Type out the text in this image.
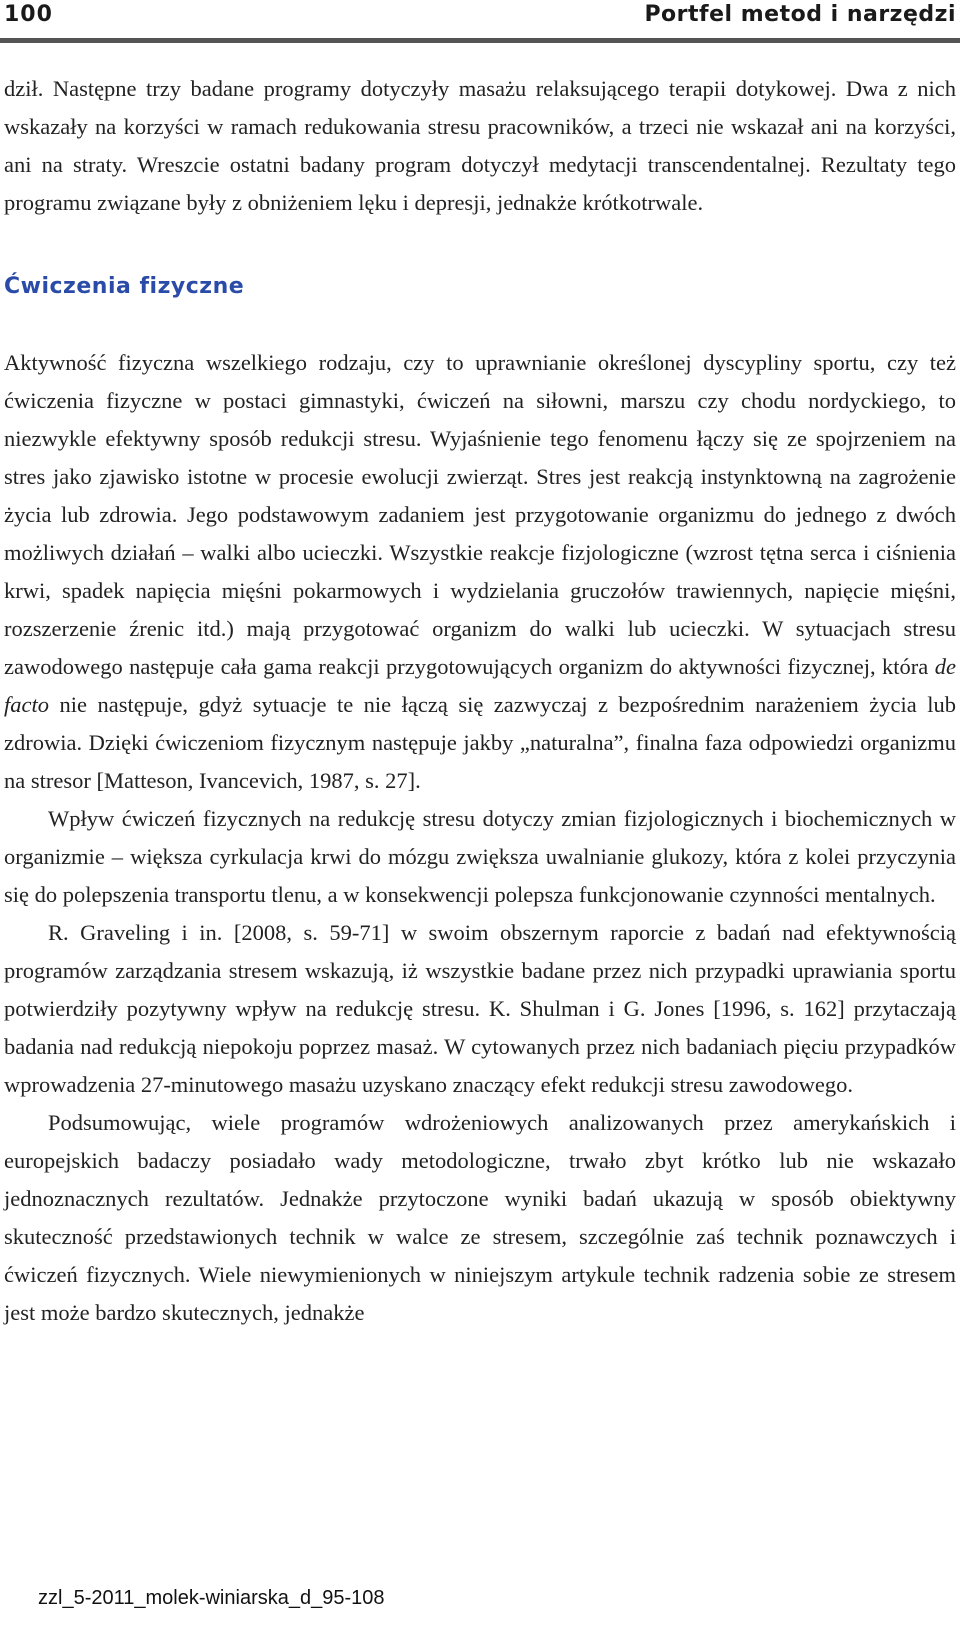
100	Portfel metod i narzędzi

dził. Następne trzy badane programy dotyczyły masażu relaksującego terapii dotykowej. Dwa z nich wskazały na korzyści w ramach redukowania stresu pracowników, a trzeci nie wskazał ani na korzyści, ani na straty. Wreszcie ostatni badany program dotyczył medytacji transcendentalnej. Rezultaty tego programu związane były z obniżeniem lęku i depresji, jednakże krótkotrwale.

Ćwiczenia fizyczne

Aktywność fizyczna wszelkiego rodzaju, czy to uprawnianie określonej dyscypliny sportu, czy też ćwiczenia fizyczne w postaci gimnastyki, ćwiczeń na siłowni, marszu czy chodu nordyckiego, to niezwykle efektywny sposób redukcji stresu. Wyjaśnienie tego fenomenu łączy się ze spojrzeniem na stres jako zjawisko istotne w procesie ewolucji zwierząt. Stres jest reakcją instynktowną na zagrożenie życia lub zdrowia. Jego podstawowym zadaniem jest przygotowanie organizmu do jednego z dwóch możliwych działań – walki albo ucieczki. Wszystkie reakcje fizjologiczne (wzrost tętna serca i ciśnienia krwi, spadek napięcia mięśni pokarmowych i wydzielania gruczołów trawiennych, napięcie mięśni, rozszerzenie źrenic itd.) mają przygotować organizm do walki lub ucieczki. W sytuacjach stresu zawodowego następuje cała gama reakcji przygotowujących organizm do aktywności fizycznej, która de facto nie następuje, gdyż sytuacje te nie łączą się zazwyczaj z bezpośrednim narażeniem życia lub zdrowia. Dzięki ćwiczeniom fizycznym następuje jakby „naturalna”, finalna faza odpowiedzi organizmu na stresor [Matteson, Ivancevich, 1987, s. 27].

Wpływ ćwiczeń fizycznych na redukcję stresu dotyczy zmian fizjologicznych i biochemicznych w organizmie – większa cyrkulacja krwi do mózgu zwiększa uwalnianie glukozy, która z kolei przyczynia się do polepszenia transportu tlenu, a w konsekwencji polepsza funkcjonowanie czynności mentalnych.

R. Graveling i in. [2008, s. 59-71] w swoim obszernym raporcie z badań nad efektywnością programów zarządzania stresem wskazują, iż wszystkie badane przez nich przypadki uprawiania sportu potwierdziły pozytywny wpływ na redukcję stresu. K. Shulman i G. Jones [1996, s. 162] przytaczają badania nad redukcją niepokoju poprzez masaż. W cytowanych przez nich badaniach pięciu przypadków wprowadzenia 27-minutowego masażu uzyskano znaczący efekt redukcji stresu zawodowego.

Podsumowując, wiele programów wdrożeniowych analizowanych przez amerykańskich i europejskich badaczy posiadało wady metodologiczne, trwało zbyt krótko lub nie wskazało jednoznacznych rezultatów. Jednakże przytoczone wyniki badań ukazują w sposób obiektywny skuteczność przedstawionych technik w walce ze stresem, szczególnie zaś technik poznawczych i ćwiczeń fizycznych. Wiele niewymienionych w niniejszym artykule technik radzenia sobie ze stresem jest może bardzo skutecznych, jednakże

zzl_5-2011_molek-winiarska_d_95-108
